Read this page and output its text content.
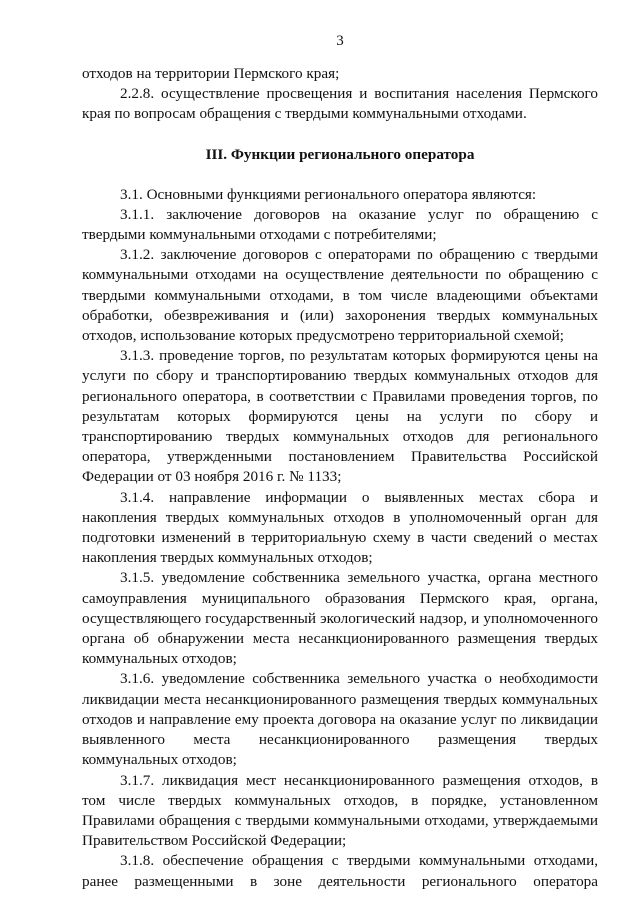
3

отходов на территории Пермского края;

2.2.8. осуществление просвещения и воспитания населения Пермского края по вопросам обращения с твердыми коммунальными отходами.

III. Функции регионального оператора

3.1. Основными функциями регионального оператора являются:

3.1.1. заключение договоров на оказание услуг по обращению с твердыми коммунальными отходами с потребителями;

3.1.2. заключение договоров с операторами по обращению с твердыми коммунальными отходами на осуществление деятельности по обращению с твердыми коммунальными отходами, в том числе владеющими объектами обработки, обезвреживания и (или) захоронения твердых коммунальных отходов, использование которых предусмотрено территориальной схемой;

3.1.3. проведение торгов, по результатам которых формируются цены на услуги по сбору и транспортированию твердых коммунальных отходов для регионального оператора, в соответствии с Правилами проведения торгов, по результатам которых формируются цены на услуги по сбору и транспортированию твердых коммунальных отходов для регионального оператора, утвержденными постановлением Правительства Российской Федерации от 03 ноября 2016 г. № 1133;

3.1.4. направление информации о выявленных местах сбора и накопления твердых коммунальных отходов в уполномоченный орган для подготовки изменений в территориальную схему в части сведений о местах накопления твердых коммунальных отходов;

3.1.5. уведомление собственника земельного участка, органа местного самоуправления муниципального образования Пермского края, органа, осуществляющего государственный экологический надзор, и уполномоченного органа об обнаружении места несанкционированного размещения твердых коммунальных отходов;

3.1.6. уведомление собственника земельного участка о необходимости ликвидации места несанкционированного размещения твердых коммунальных отходов и направление ему проекта договора на оказание услуг по ликвидации выявленного места несанкционированного размещения твердых коммунальных отходов;

3.1.7. ликвидация мест несанкционированного размещения отходов, в том числе твердых коммунальных отходов, в порядке, установленном Правилами обращения с твердыми коммунальными отходами, утверждаемыми Правительством Российской Федерации;

3.1.8. обеспечение обращения с твердыми коммунальными отходами, ранее размещенными в зоне деятельности регионального оператора
